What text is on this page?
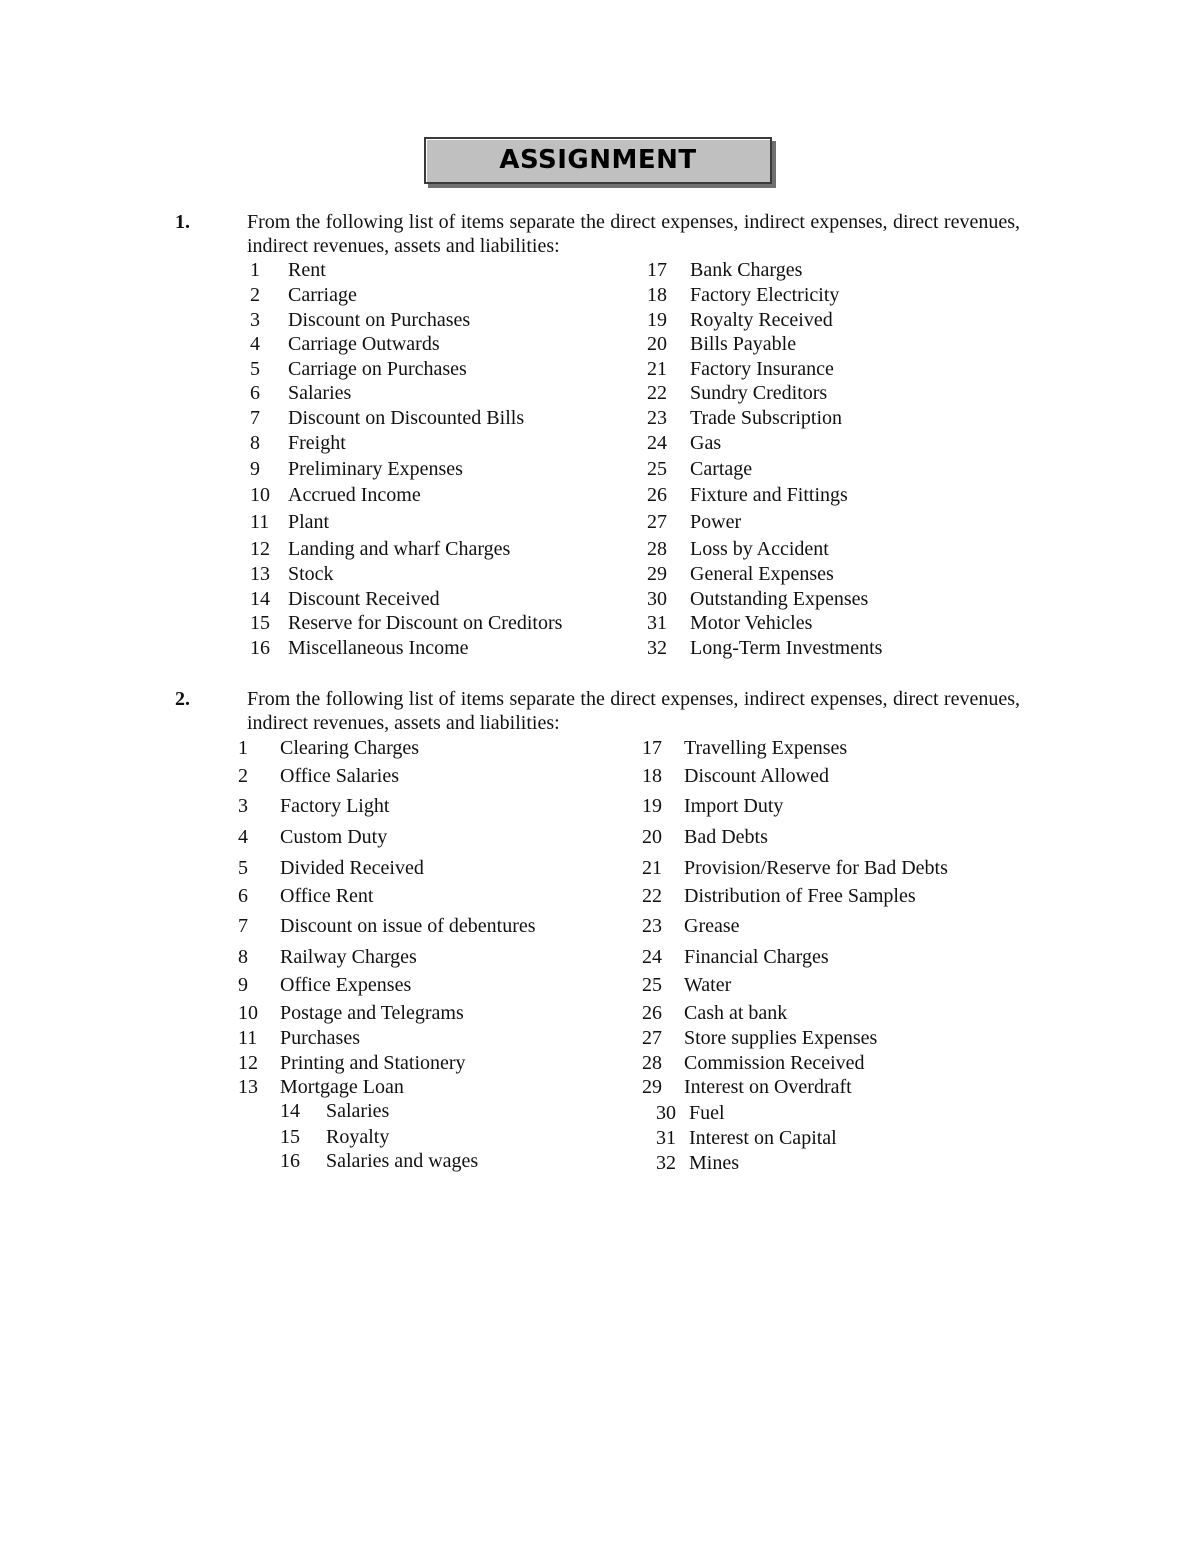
ASSIGNMENT
1.	From the following list of items separate the direct expenses, indirect expenses, direct revenues, indirect revenues, assets and liabilities:

1 Rent
2 Carriage
3 Discount on Purchases
4 Carriage Outwards
5 Carriage on Purchases
6 Salaries
7 Discount on Discounted Bills
8 Freight
9 Preliminary Expenses
10 Accrued Income
11 Plant
12 Landing and wharf Charges
13 Stock
14 Discount Received
15 Reserve for Discount on Creditors
16 Miscellaneous Income
17 Bank Charges
18 Factory Electricity
19 Royalty Received
20 Bills Payable
21 Factory Insurance
22 Sundry Creditors
23 Trade Subscription
24 Gas
25 Cartage
26 Fixture and Fittings
27 Power
28 Loss by Accident
29 General Expenses
30 Outstanding Expenses
31 Motor Vehicles
32 Long-Term Investments
2.	From the following list of items separate the direct expenses, indirect expenses, direct revenues, indirect revenues, assets and liabilities:

1 Clearing Charges
2 Office Salaries
3 Factory Light
4 Custom Duty
5 Divided Received
6 Office Rent
7 Discount on issue of debentures
8 Railway Charges
9 Office Expenses
10 Postage and Telegrams
11 Purchases
12 Printing and Stationery
13 Mortgage Loan
14 Salaries
15 Royalty
16 Salaries and wages
17 Travelling Expenses
18 Discount Allowed
19 Import Duty
20 Bad Debts
21 Provision/Reserve for Bad Debts
22 Distribution of Free Samples
23 Grease
24 Financial Charges
25 Water
26 Cash at bank
27 Store supplies Expenses
28 Commission Received
29 Interest on Overdraft
30 Fuel
31 Interest on Capital
32 Mines
